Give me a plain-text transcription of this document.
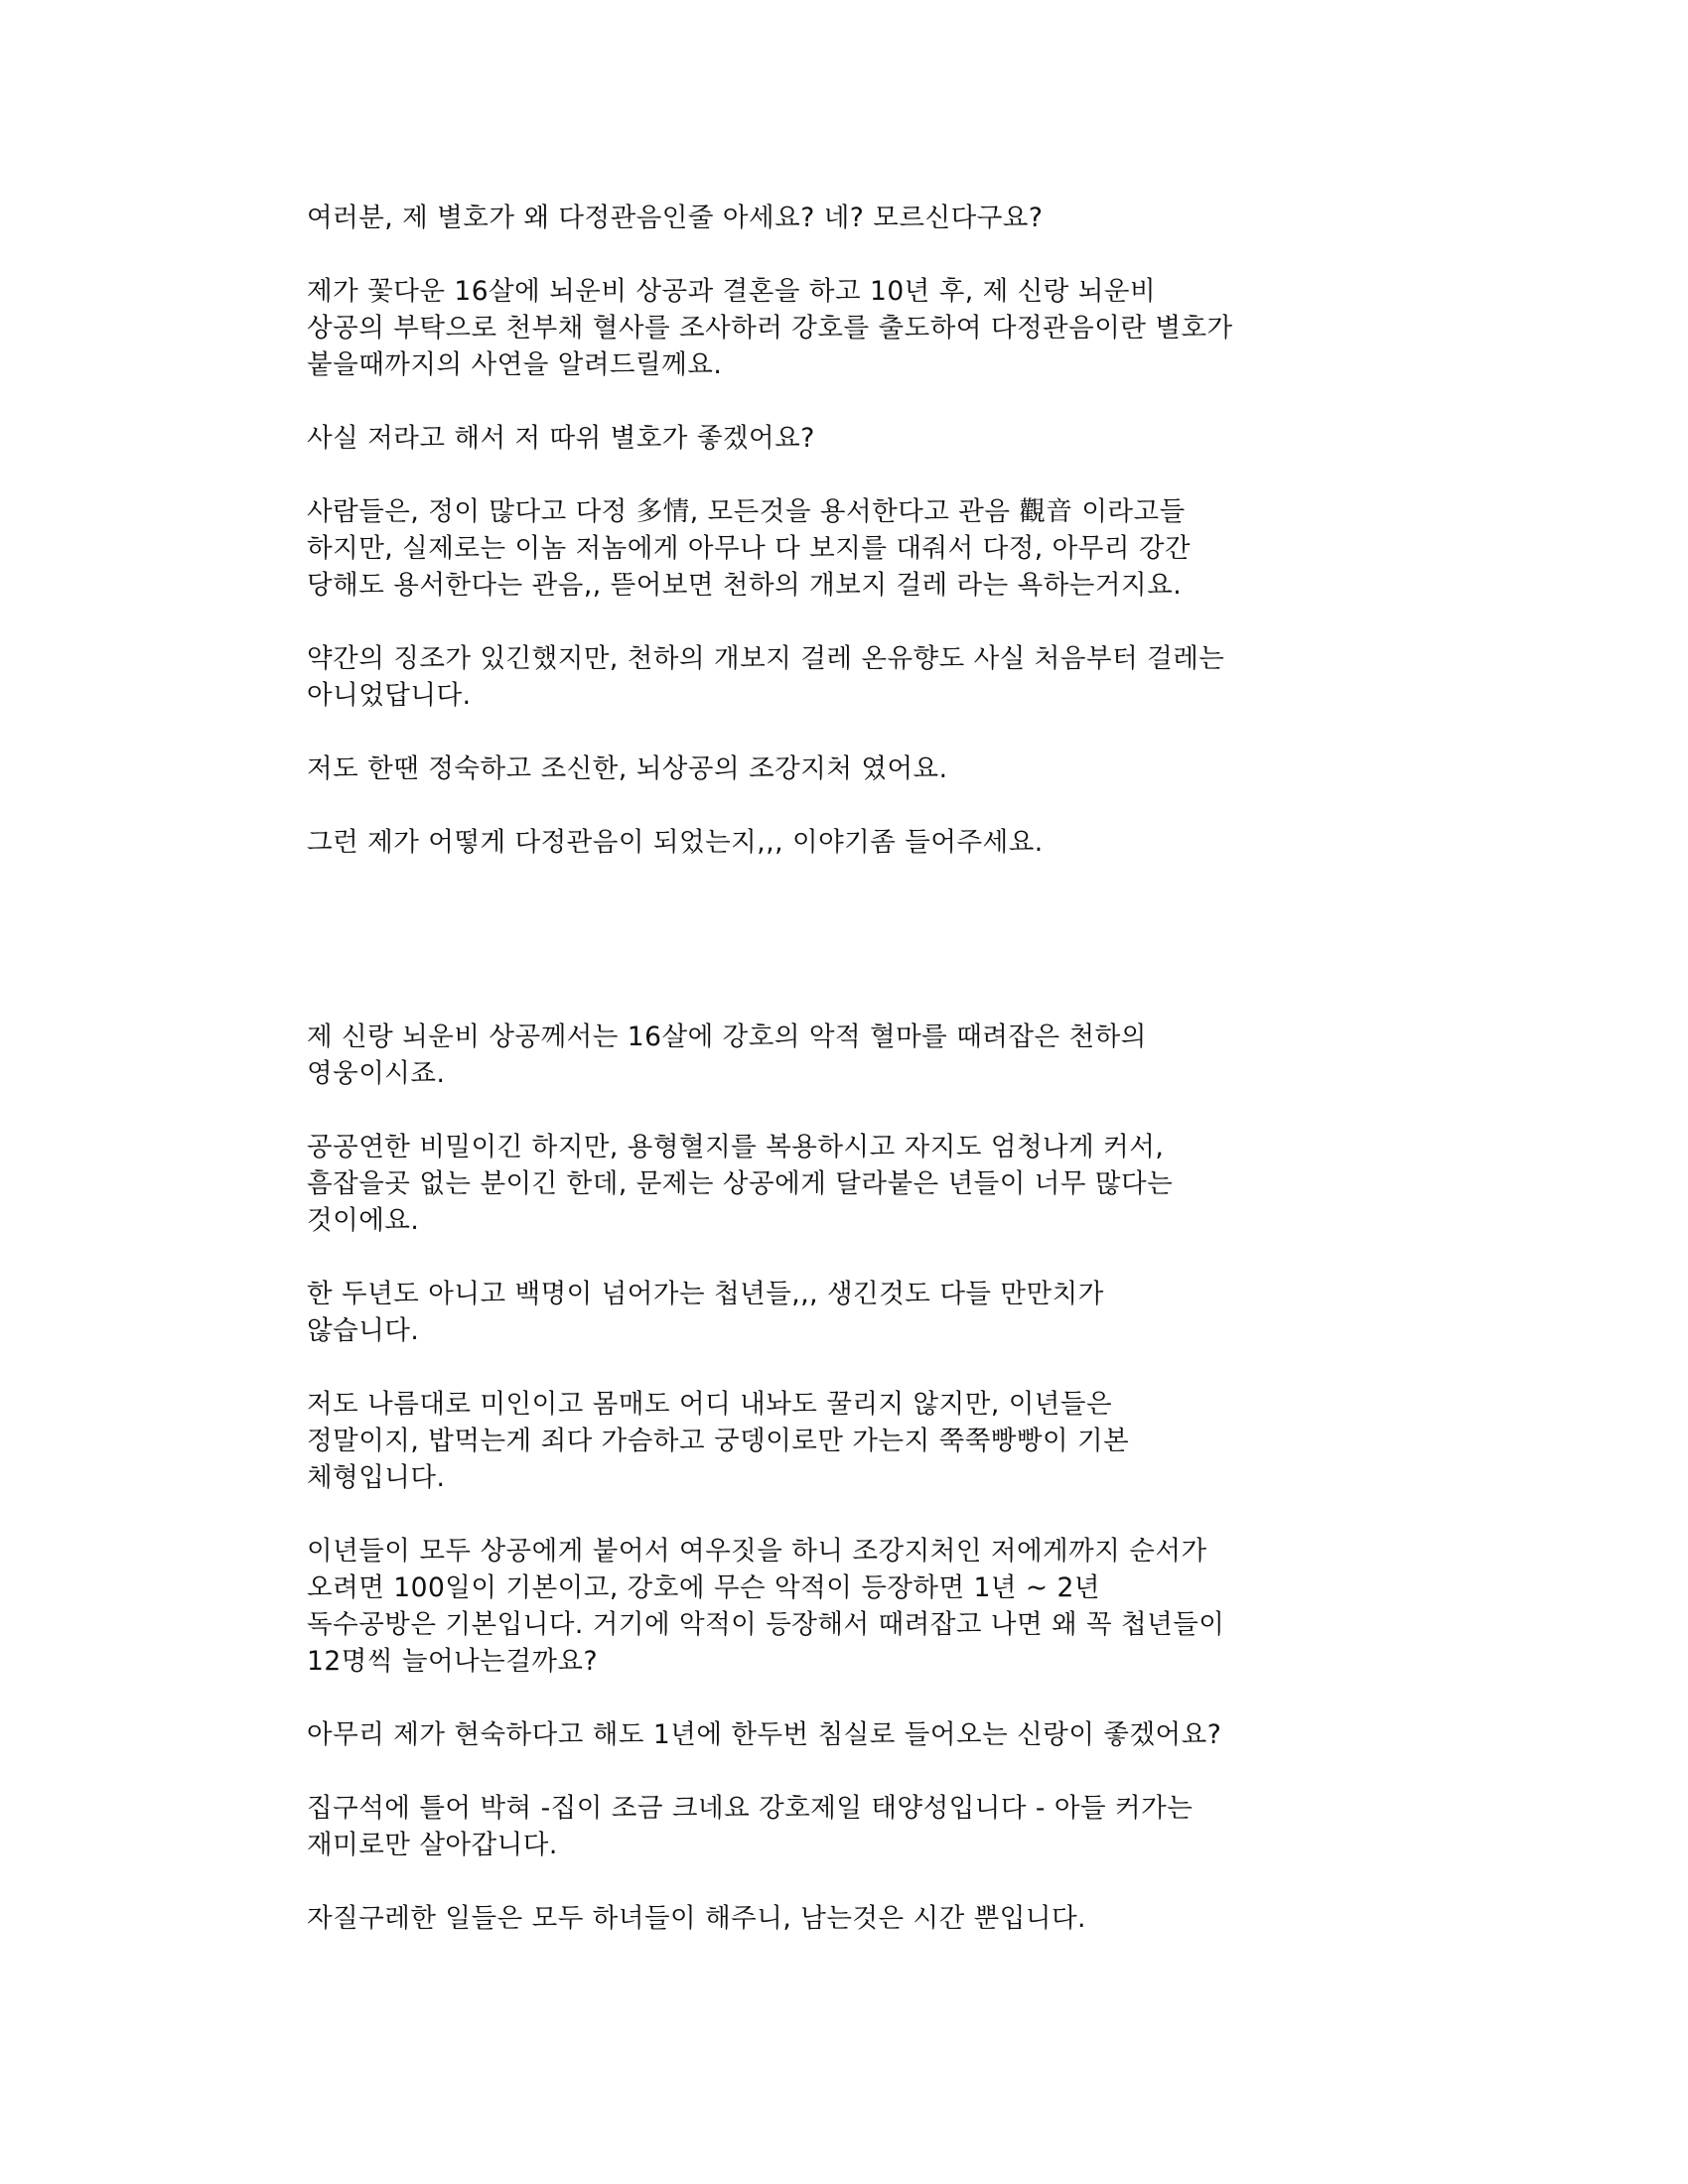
여러분, 제 별호가 왜 다정관음인줄 아세요? 네? 모르신다구요?

제가 꽃다운 16살에 뇌운비 상공과 결혼을 하고 10년 후, 제 신랑 뇌운비
상공의 부탁으로 천부채 혈사를 조사하러 강호를 출도하여 다정관음이란 별호가
붙을때까지의 사연을 알려드릴께요.

사실 저라고 해서 저 따위 별호가 좋겠어요?

사람들은, 정이 많다고 다정 多情, 모든것을 용서한다고 관음 觀音 이라고들
하지만, 실제로는 이놈 저놈에게 아무나 다 보지를 대줘서 다정, 아무리 강간
당해도 용서한다는 관음,, 뜯어보면 천하의 개보지 걸레 라는 욕하는거지요.

약간의 징조가 있긴했지만, 천하의 개보지 걸레 온유향도 사실 처음부터 걸레는
아니었답니다.

저도 한땐 정숙하고 조신한, 뇌상공의 조강지처 였어요.

그런 제가 어떻게 다정관음이 되었는지,,, 이야기좀 들어주세요.

제 신랑 뇌운비 상공께서는 16살에 강호의 악적 혈마를 때려잡은 천하의
영웅이시죠.

공공연한 비밀이긴 하지만, 용형혈지를 복용하시고 자지도 엄청나게 커서,
흠잡을곳 없는 분이긴 한데, 문제는 상공에게 달라붙은 년들이 너무 많다는
것이에요.

한 두년도 아니고 백명이 넘어가는 첩년들,,, 생긴것도 다들 만만치가
않습니다.

저도 나름대로 미인이고 몸매도 어디 내놔도 꿀리지 않지만, 이년들은
정말이지, 밥먹는게 죄다 가슴하고 궁뎅이로만 가는지 쭉쭉빵빵이 기본
체형입니다.

이년들이 모두 상공에게 붙어서 여우짓을 하니 조강지처인 저에게까지 순서가
오려면 100일이 기본이고, 강호에 무슨 악적이 등장하면 1년 ~ 2년
독수공방은 기본입니다. 거기에 악적이 등장해서 때려잡고 나면 왜 꼭 첩년들이
12명씩 늘어나는걸까요?

아무리 제가 현숙하다고 해도 1년에 한두번 침실로 들어오는 신랑이 좋겠어요?

집구석에 틀어 박혀 -집이 조금 크네요 강호제일 태양성입니다 - 아들 커가는
재미로만 살아갑니다.

자질구레한 일들은 모두 하녀들이 해주니, 남는것은 시간 뿐입니다.
